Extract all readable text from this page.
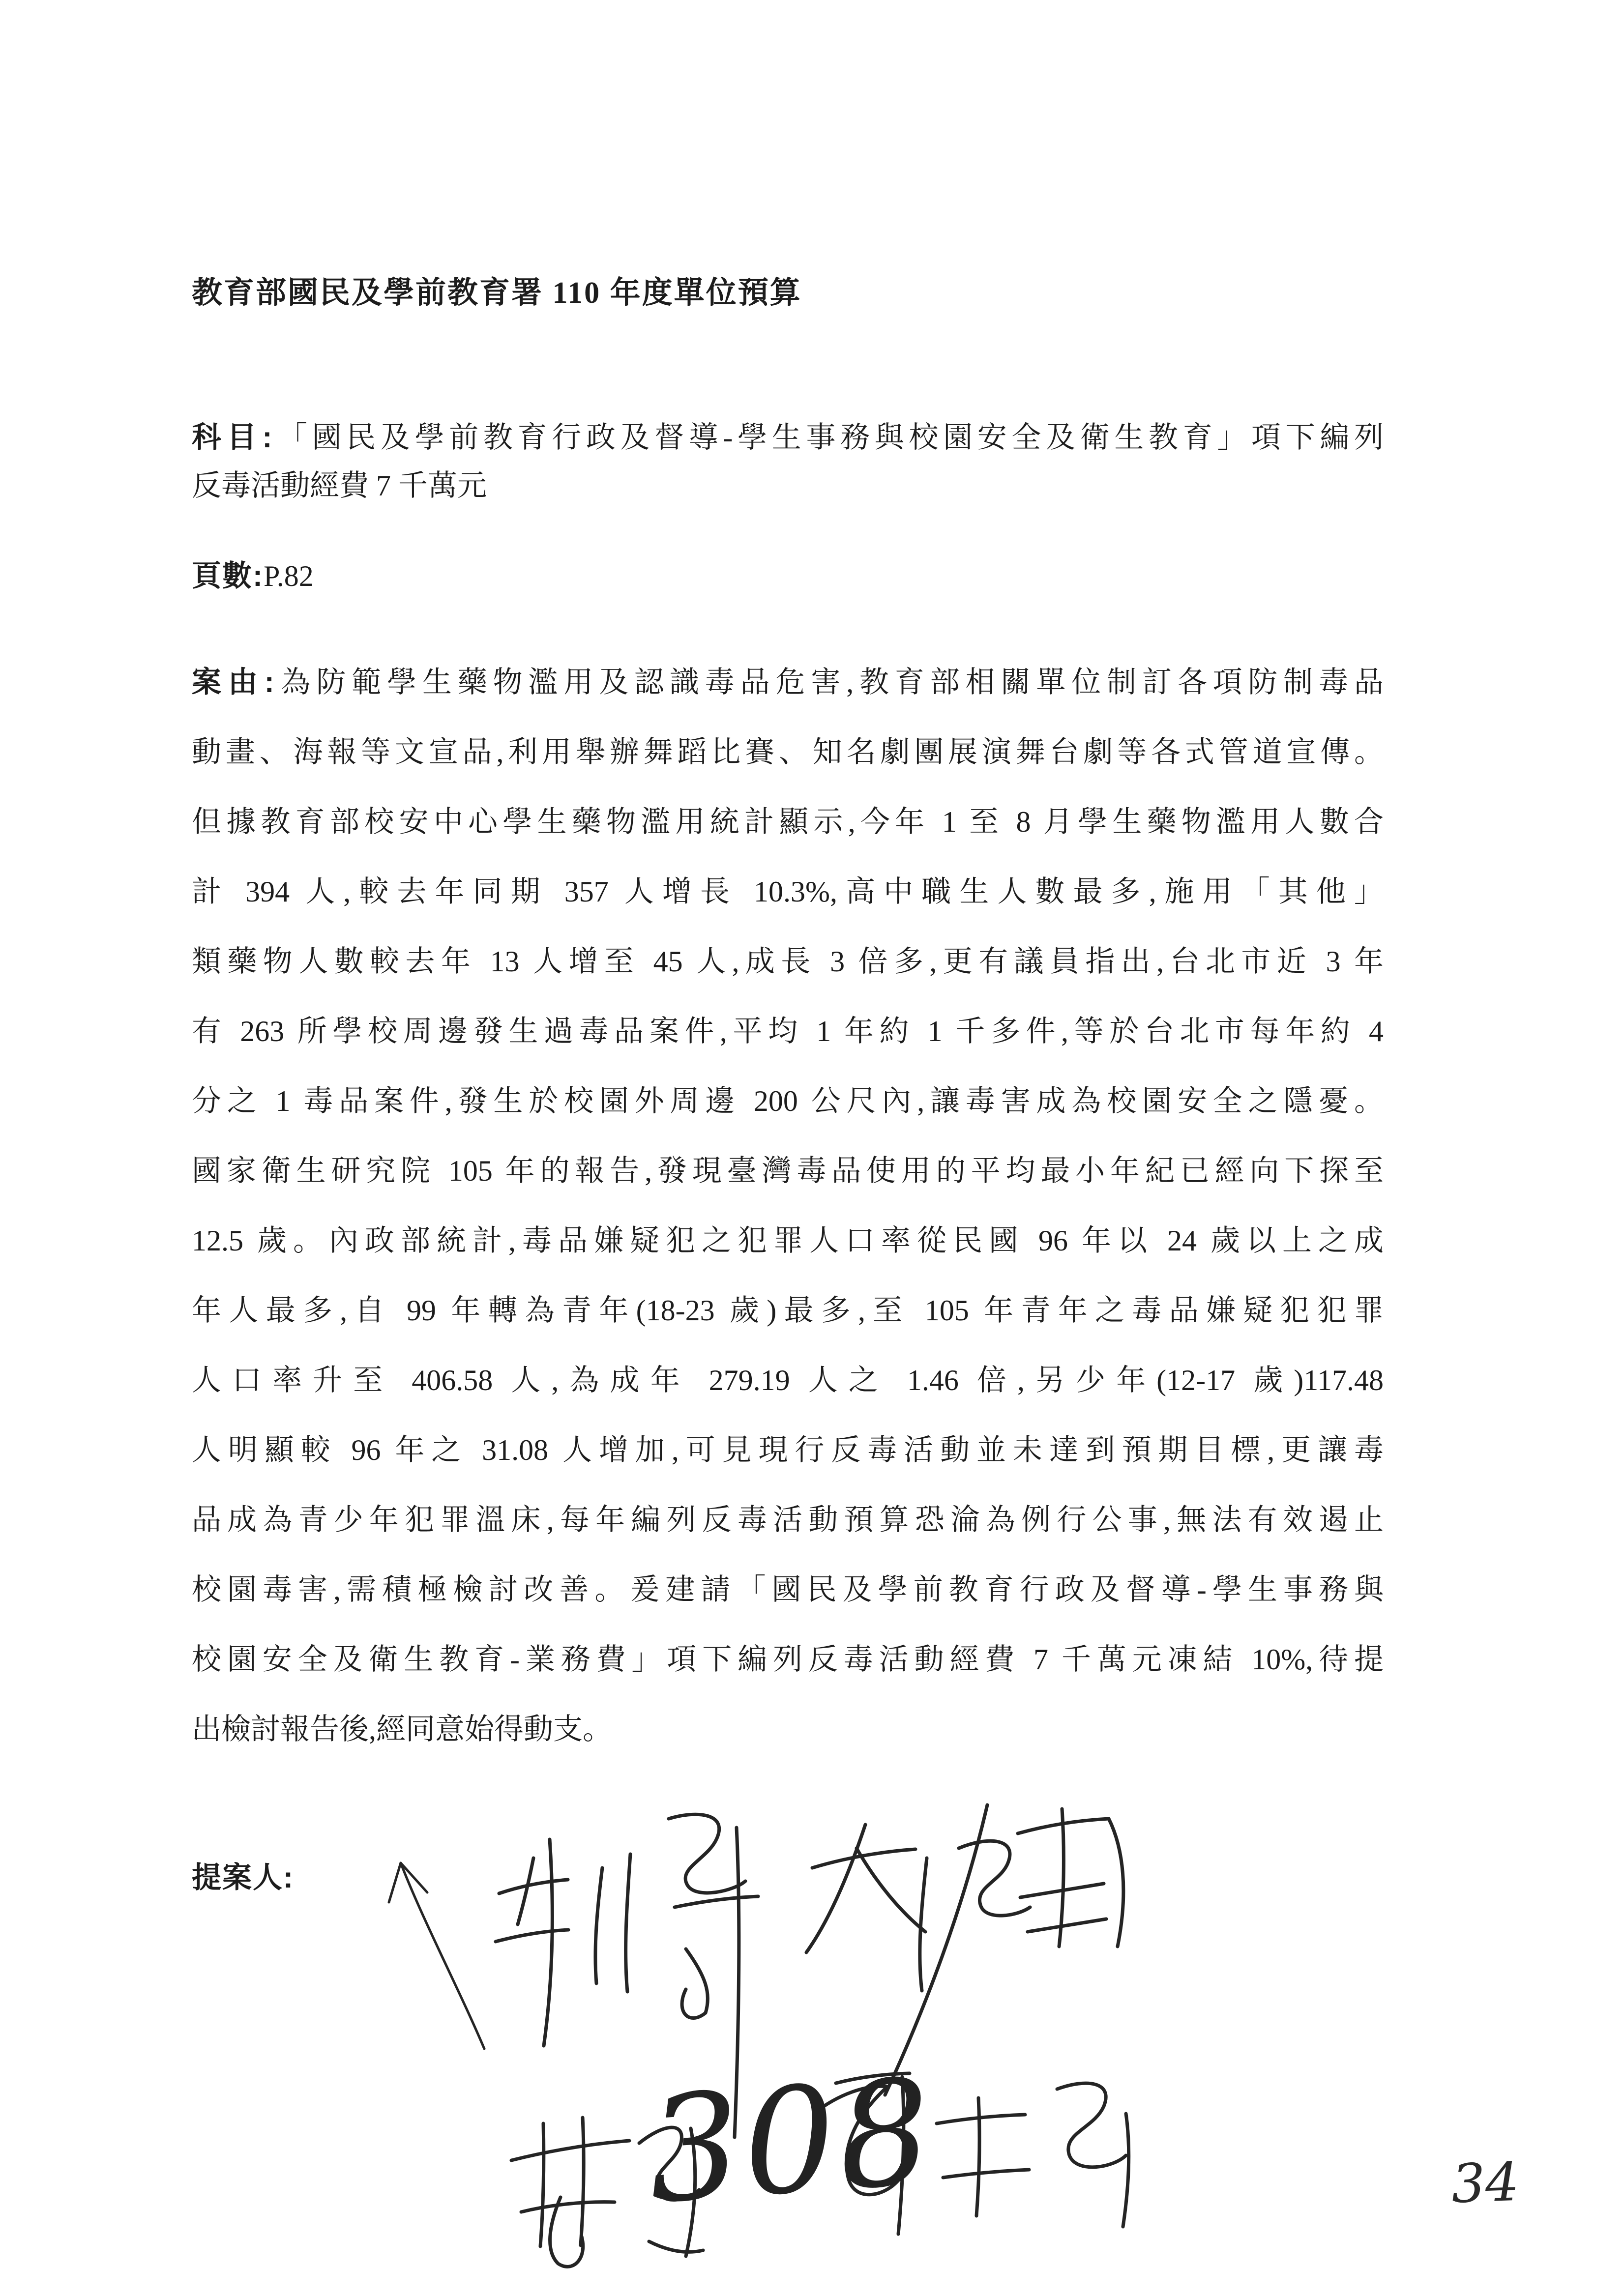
教育部國民及學前教育署 110 年度單位預算
科目:「國民及學前教育行政及督導-學生事務與校園安全及衛生教育」項下編列
反毒活動經費 7 千萬元
頁數:P.82
案由:為防範學生藥物濫用及認識毒品危害,教育部相關單位制訂各項防制毒品
動畫、海報等文宣品,利用舉辦舞蹈比賽、知名劇團展演舞台劇等各式管道宣傳。
但據教育部校安中心學生藥物濫用統計顯示,今年 1 至 8 月學生藥物濫用人數合
計 394 人,較去年同期 357 人增長 10.3%,高中職生人數最多,施用「其他」
類藥物人數較去年 13 人增至 45 人,成長 3 倍多,更有議員指出,台北市近 3 年
有 263 所學校周邊發生過毒品案件,平均 1 年約 1 千多件,等於台北市每年約 4
分之 1 毒品案件,發生於校園外周邊 200 公尺內,讓毒害成為校園安全之隱憂。
國家衛生研究院 105 年的報告,發現臺灣毒品使用的平均最小年紀已經向下探至
12.5 歲。內政部統計,毒品嫌疑犯之犯罪人口率從民國 96 年以 24 歲以上之成
年人最多,自 99 年轉為青年(18-23 歲)最多,至 105 年青年之毒品嫌疑犯犯罪
人口率升至 406.58 人,為成年 279.19 人之 1.46 倍,另少年(12-17 歲)117.48
人明顯較 96 年之 31.08 人增加,可見現行反毒活動並未達到預期目標,更讓毒
品成為青少年犯罪溫床,每年編列反毒活動預算恐淪為例行公事,無法有效遏止
校園毒害,需積極檢討改善。爰建請「國民及學前教育行政及督導-學生事務與
校園安全及衛生教育-業務費」項下編列反毒活動經費 7 千萬元凍結 10%,待提
出檢討報告後,經同意始得動支。
提案人:
308	34
